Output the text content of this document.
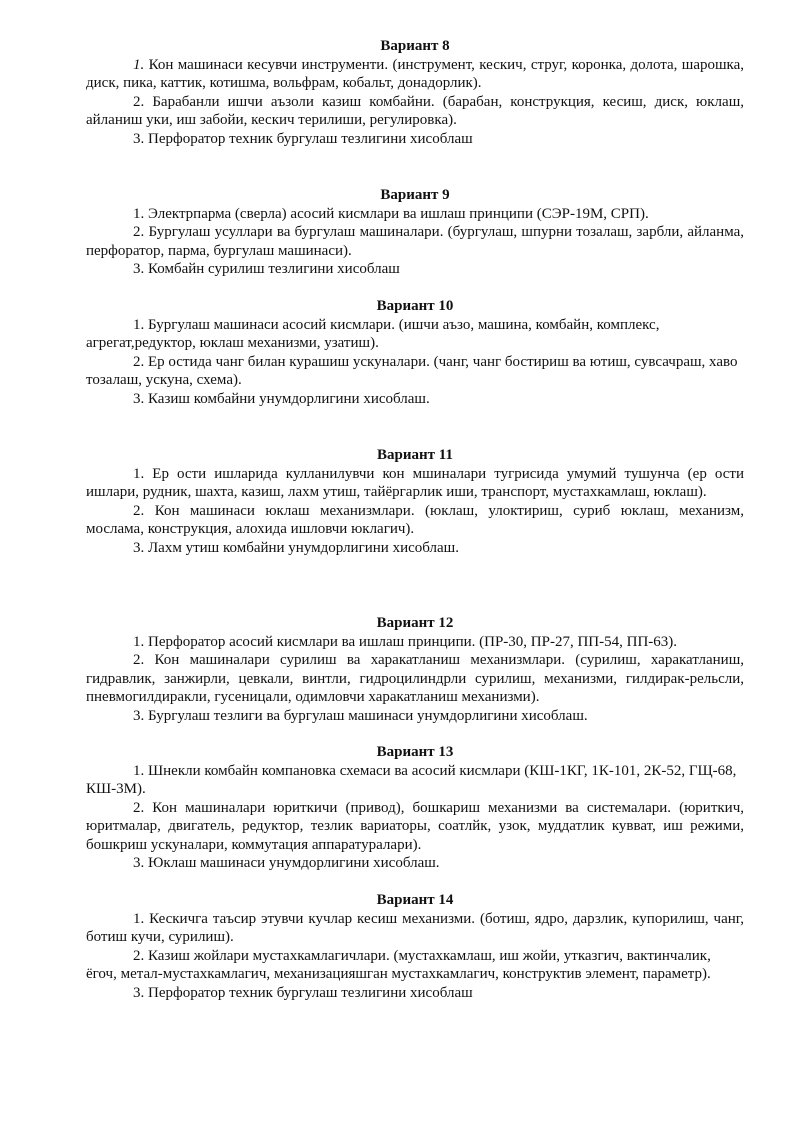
Вариант 8

1. Кон машинаси кесувчи инструменти. (инструмент, кескич, струг, коронка, долота, шарошка, диск, пика, каттик, котишма, вольфрам, кобальт, донадорлик).

2. Барабанли ишчи аъзоли казиш комбайни. (барабан, конструкция, кесиш, диск, юклаш, айланиш уки, иш забойи, кескич терилиши, регулировка).

3. Перфоратор техник бургулаш тезлигини хисоблаш

Вариант 9

1. Электрпарма (сверла) асосий кисмлари ва ишлаш принципи (СЭР-19М, СРП).

2. Бургулаш усуллари ва бургулаш машиналари. (бургулаш, шпурни тозалаш, зарбли, айланма, перфоратор, парма, бургулаш машинаси).

3. Комбайн сурилиш тезлигини хисоблаш

Вариант 10

1. Бургулаш машинаси асосий кисмлари. (ишчи аъзо, машина, комбайн, комплекс, агрегат,редуктор, юклаш механизми, узатиш).

2. Ер остида чанг билан курашиш ускуналари. (чанг, чанг бостириш ва ютиш, сувсачраш, хаво тозалаш, ускуна, схема).

3. Казиш комбайни унумдорлигини хисоблаш.

Вариант 11

1. Ер ости ишларида кулланилувчи кон мшиналари тугрисида умумий тушунча (ер ости ишлари, рудник, шахта, казиш, лахм утиш, тайёргарлик иши, транспорт, мустахкамлаш, юклаш).

2. Кон машинаси юклаш механизмлари. (юклаш, улоктириш, суриб юклаш, механизм, мослама, конструкция, алохида ишловчи юклагич).

3. Лахм утиш комбайни унумдорлигини хисоблаш.

Вариант 12

1. Перфоратор асосий кисмлари ва ишлаш принципи. (ПР-30, ПР-27, ПП-54, ПП-63).

2. Кон машиналари сурилиш ва харакатланиш механизмлари. (сурилиш, харакатланиш, гидравлик, занжирли, цевкали, винтли, гидроцилиндрли сурилиш, механизми, гилдирак-рельсли, пневмогилдиракли, гусеницали, одимловчи харакатланиш механизми).

3. Бургулаш тезлиги ва бургулаш машинаси унумдорлигини хисоблаш.

Вариант 13

1. Шнекли комбайн компановка схемаси ва асосий кисмлари (КШ-1КГ, 1К-101, 2К-52, ГЩ-68, КШ-3М).

2. Кон машиналари юриткичи (привод), бошкариш механизми ва системалари. (юриткич, юритмалар, двигатель, редуктор, тезлик вариаторы, соатлйк, узок, муддатлик кувват, иш режими, бошкриш ускуналари, коммутация аппаратуралари).

3. Юклаш машинаси унумдорлигини хисоблаш.

Вариант 14

1. Кескичга таъсир этувчи кучлар кесиш механизми. (ботиш, ядро, дарзлик, купорилиш, чанг, ботиш кучи, сурилиш).

2. Казиш жойлари мустахкамлагичлари. (мустахкамлаш, иш жойи, утказгич, вактинчалик, ёгоч, метал-мустахкамлагич, механизацияшган мустахкамлагич, конструктив элемент, параметр).

3. Перфоратор техник бургулаш тезлигини хисоблаш
